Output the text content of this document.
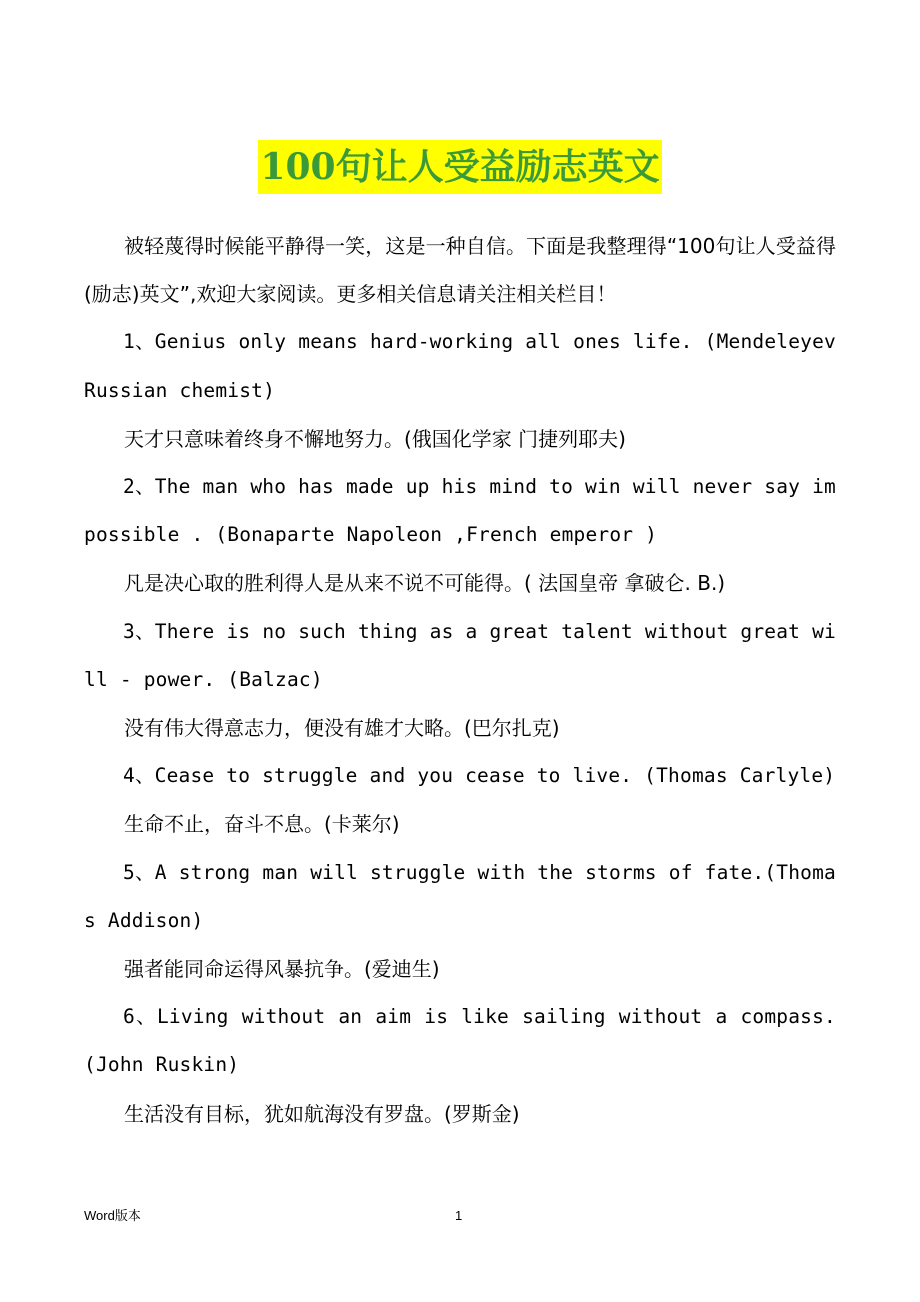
100句让人受益励志英文

被轻蔑得时候能平静得一笑，这是一种自信。下面是我整理得“100句让人受益得(励志)英文”,欢迎大家阅读。更多相关信息请关注相关栏目！

1、Genius only means hard-working all ones life. (Mendeleyev Russian chemist)

天才只意味着终身不懈地努力。(俄国化学家 门捷列耶夫)

2、The man who has made up his mind to win will never say impossible . (Bonaparte Napoleon ,French emperor )

凡是决心取的胜利得人是从来不说不可能得。( 法国皇帝 拿破仑. B.)

3、There is no such thing as a great talent without great will - power. (Balzac)

没有伟大得意志力，便没有雄才大略。(巴尔扎克)

4、Cease to struggle and you cease to live. (Thomas Carlyle)

生命不止，奋斗不息。(卡莱尔)

5、A strong man will struggle with the storms of fate.(Thomas Addison)

强者能同命运得风暴抗争。(爱迪生)

6、Living without an aim is like sailing without a compass. (John Ruskin)

生活没有目标，犹如航海没有罗盘。(罗斯金)

Word版本	1
